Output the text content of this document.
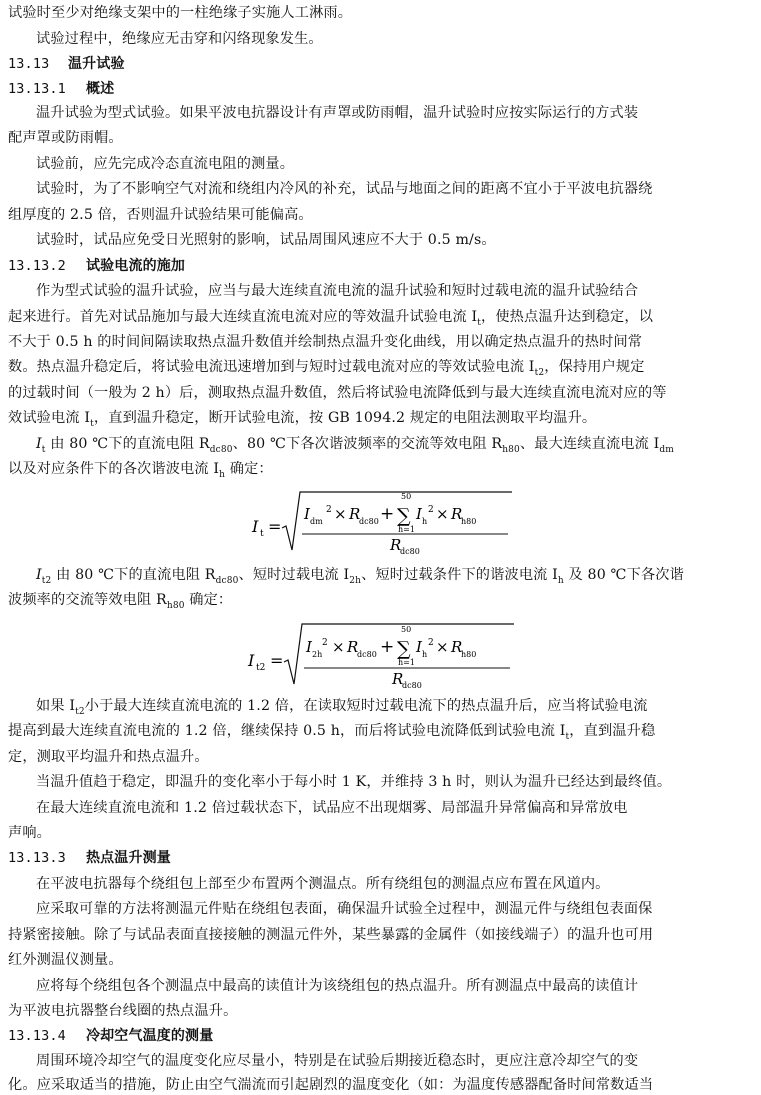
试验时至少对绝缘支架中的一柱绝缘子实施人工淋雨。
试验过程中，绝缘应无击穿和闪络现象发生。
13.13 温升试验
13.13.1 概述
温升试验为型式试验。如果平波电抗器设计有声罩或防雨帽，温升试验时应按实际运行的方式装
配声罩或防雨帽。
试验前，应先完成冷态直流电阻的测量。
试验时，为了不影响空气对流和绕组内冷风的补充，试品与地面之间的距离不宜小于平波电抗器绕
组厚度的 2.5 倍，否则温升试验结果可能偏高。
试验时，试品应免受日光照射的影响，试品周围风速应不大于 0.5 m/s。
13.13.2 试验电流的施加
作为型式试验的温升试验，应当与最大连续直流电流的温升试验和短时过载电流的温升试验结合
起来进行。首先对试品施加与最大连续直流电流对应的等效温升试验电流 $I_t$，使热点温升达到稳定，以
不大于 0.5 h 的时间间隔读取热点温升数值并绘制热点温升变化曲线，用以确定热点温升的热时间常
数。热点温升稳定后，将试验电流迅速增加到与短时过载电流对应的等效试验电流 $I_{t2}$，保持用户规定
的过载时间（一般为 2 h）后，测取热点温升数值，然后将试验电流降低到与最大连续直流电流对应的等
效试验电流 $I_t$，直到温升稳定，断开试验电流，按 GB 1094.2 规定的电阻法测取平均温升。
$I_t$ 由 80 ℃下的直流电阻 $R_{dc80}$、80 ℃下各次谐波频率的交流等效电阻 $R_{h80}$、最大连续直流电流 $I_{dm}$
以及对应条件下的各次谐波电流 $I_h$ 确定：
I t =
I dm
2 × R
dc80 +
50
∑
h=1
I h
2 × R
h80
R
dc80
$I_{t2}$ 由 80 ℃下的直流电阻 $R_{dc80}$、短时过载电流 $I_{2h}$、短时过载条件下的谐波电流 $I_h$ 及 80 ℃下各次谐
波频率的交流等效电阻 $R_{h80}$ 确定：
I t2 =
I 2h
2 × R
dc80 +
50
∑
h=1
I h
2 × R
h80
R
dc80
如果 $I_{t2}$小于最大连续直流电流的 1.2 倍，在读取短时过载电流下的热点温升后，应当将试验电流
提高到最大连续直流电流的 1.2 倍，继续保持 0.5 h，而后将试验电流降低到试验电流 $I_t$，直到温升稳
定，测取平均温升和热点温升。
当温升值趋于稳定，即温升的变化率小于每小时 1 K，并维持 3 h 时，则认为温升已经达到最终值。
在最大连续直流电流和 1.2 倍过载状态下，试品应不出现烟雾、局部温升异常偏高和异常放电
声响。
13.13.3 热点温升测量
在平波电抗器每个绕组包上部至少布置两个测温点。所有绕组包的测温点应布置在风道内。
应采取可靠的方法将测温元件贴在绕组包表面，确保温升试验全过程中，测温元件与绕组包表面保
持紧密接触。除了与试品表面直接接触的测温元件外，某些暴露的金属件（如接线端子）的温升也可用
红外测温仪测量。
应将每个绕组包各个测温点中最高的读值计为该绕组包的热点温升。所有测温点中最高的读值计
为平波电抗器整台线圈的热点温升。
13.13.4 冷却空气温度的测量
周围环境冷却空气的温度变化应尽量小，特别是在试验后期接近稳态时，更应注意冷却空气的变
化。应采取适当的措施，防止由空气湍流而引起剧烈的温度变化（如：为温度传感器配备时间常数适当
